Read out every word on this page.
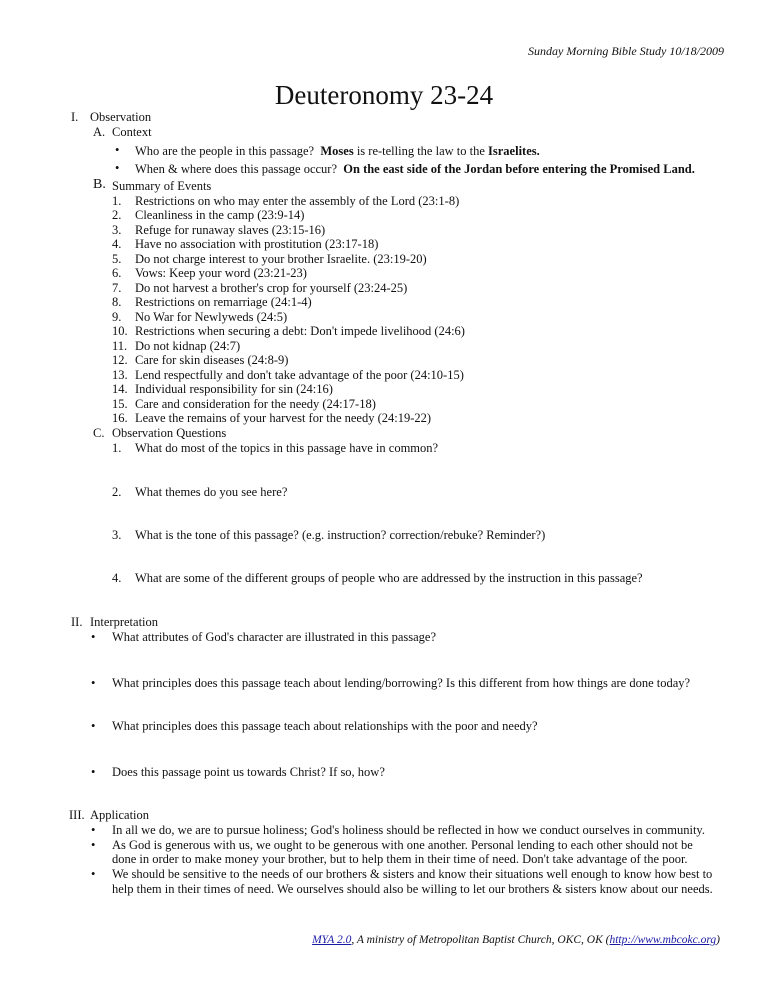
Sunday Morning Bible Study 10/18/2009
Deuteronomy 23-24
I. Observation
A. Context
• Who are the people in this passage? Moses is re-telling the law to the Israelites.
• When & where does this passage occur? On the east side of the Jordan before entering the Promised Land.
B. Summary of Events
1. Restrictions on who may enter the assembly of the Lord (23:1-8)
2. Cleanliness in the camp (23:9-14)
3. Refuge for runaway slaves (23:15-16)
4. Have no association with prostitution (23:17-18)
5. Do not charge interest to your brother Israelite. (23:19-20)
6. Vows: Keep your word (23:21-23)
7. Do not harvest a brother's crop for yourself (23:24-25)
8. Restrictions on remarriage (24:1-4)
9. No War for Newlyweds (24:5)
10. Restrictions when securing a debt: Don't impede livelihood (24:6)
11. Do not kidnap (24:7)
12. Care for skin diseases (24:8-9)
13. Lend respectfully and don't take advantage of the poor (24:10-15)
14. Individual responsibility for sin (24:16)
15. Care and consideration for the needy (24:17-18)
16. Leave the remains of your harvest for the needy (24:19-22)
C. Observation Questions
1. What do most of the topics in this passage have in common?
2. What themes do you see here?
3. What is the tone of this passage? (e.g. instruction? correction/rebuke? Reminder?)
4. What are some of the different groups of people who are addressed by the instruction in this passage?
II. Interpretation
• What attributes of God's character are illustrated in this passage?
• What principles does this passage teach about lending/borrowing? Is this different from how things are done today?
• What principles does this passage teach about relationships with the poor and needy?
• Does this passage point us towards Christ? If so, how?
III. Application
• In all we do, we are to pursue holiness; God's holiness should be reflected in how we conduct ourselves in community.
• As God is generous with us, we ought to be generous with one another. Personal lending to each other should not be
done in order to make money your brother, but to help them in their time of need. Don't take advantage of the poor.
• We should be sensitive to the needs of our brothers & sisters and know their situations well enough to know how best to
help them in their times of need. We ourselves should also be willing to let our brothers & sisters know about our needs.
MYA 2.0, A ministry of Metropolitan Baptist Church, OKC, OK (http://www.mbcokc.org)
